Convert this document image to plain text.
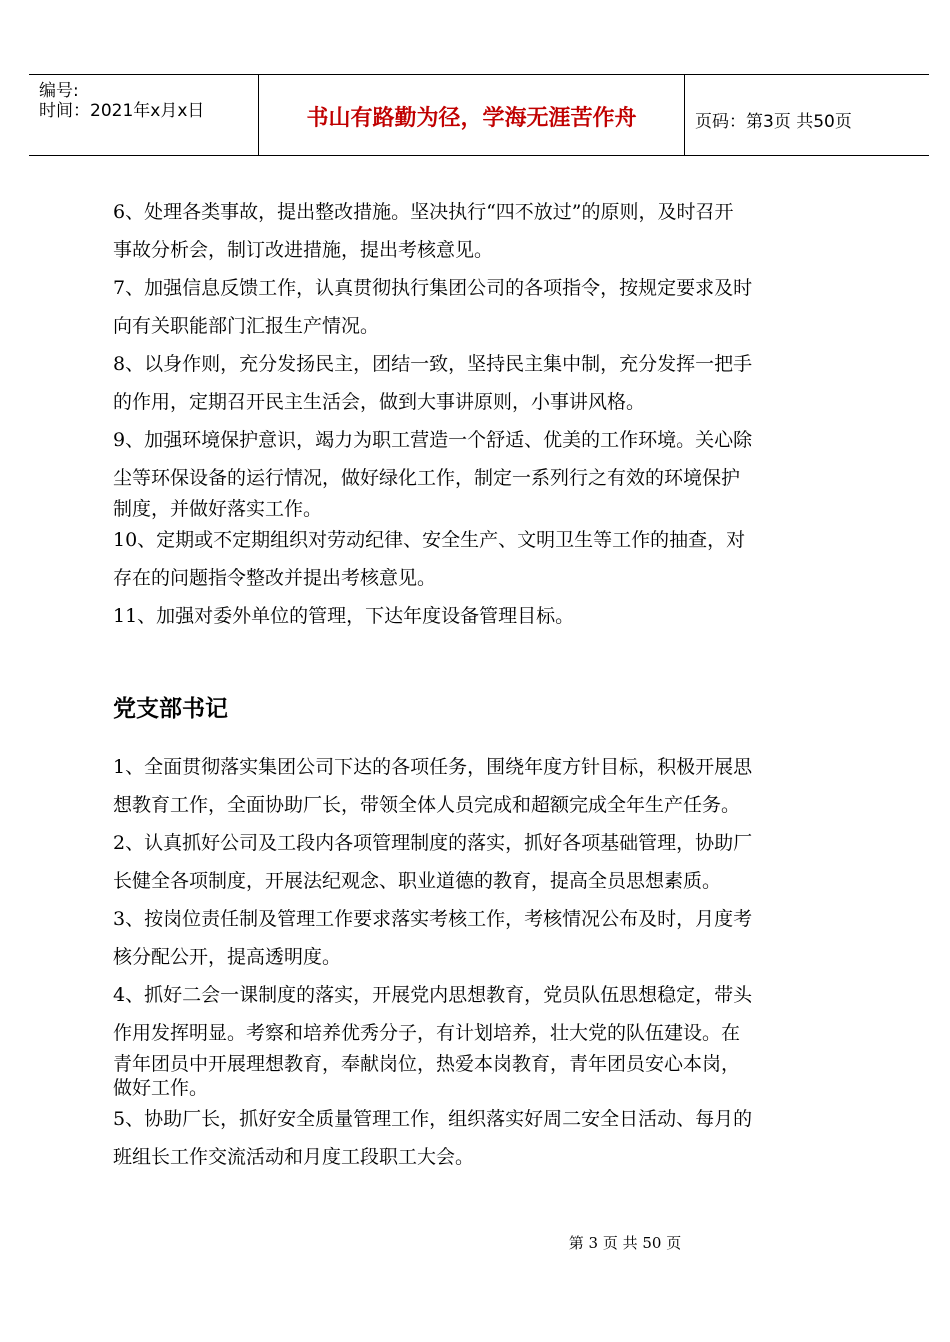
编号:
时间：2021年x月x日	书山有路勤为径，学海无涯苦作舟	页码：第3页 共50页
6、处理各类事故，提出整改措施。坚决执行“四不放过”的原则，及时召开
事故分析会，制订改进措施，提出考核意见。
7、加强信息反馈工作，认真贯彻执行集团公司的各项指令，按规定要求及时
向有关职能部门汇报生产情况。
8、以身作则，充分发扬民主，团结一致，坚持民主集中制，充分发挥一把手
的作用，定期召开民主生活会，做到大事讲原则，小事讲风格。
9、加强环境保护意识，竭力为职工营造一个舒适、优美的工作环境。关心除
尘等环保设备的运行情况，做好绿化工作，制定一系列行之有效的环境保护
制度，并做好落实工作。
10、定期或不定期组织对劳动纪律、安全生产、文明卫生等工作的抽查，对
存在的问题指令整改并提出考核意见。
11、加强对委外单位的管理，下达年度设备管理目标。
党支部书记
1、全面贯彻落实集团公司下达的各项任务，围绕年度方针目标，积极开展思
想教育工作，全面协助厂长，带领全体人员完成和超额完成全年生产任务。
2、认真抓好公司及工段内各项管理制度的落实，抓好各项基础管理，协助厂
长健全各项制度，开展法纪观念、职业道德的教育，提高全员思想素质。
3、按岗位责任制及管理工作要求落实考核工作，考核情况公布及时，月度考
核分配公开，提高透明度。
4、抓好二会一课制度的落实，开展党内思想教育，党员队伍思想稳定，带头
作用发挥明显。考察和培养优秀分子，有计划培养，壮大党的队伍建设。在
青年团员中开展理想教育，奉献岗位，热爱本岗教育，青年团员安心本岗，
做好工作。
5、协助厂长，抓好安全质量管理工作，组织落实好周二安全日活动、每月的
班组长工作交流活动和月度工段职工大会。
第 3 页 共 50 页
